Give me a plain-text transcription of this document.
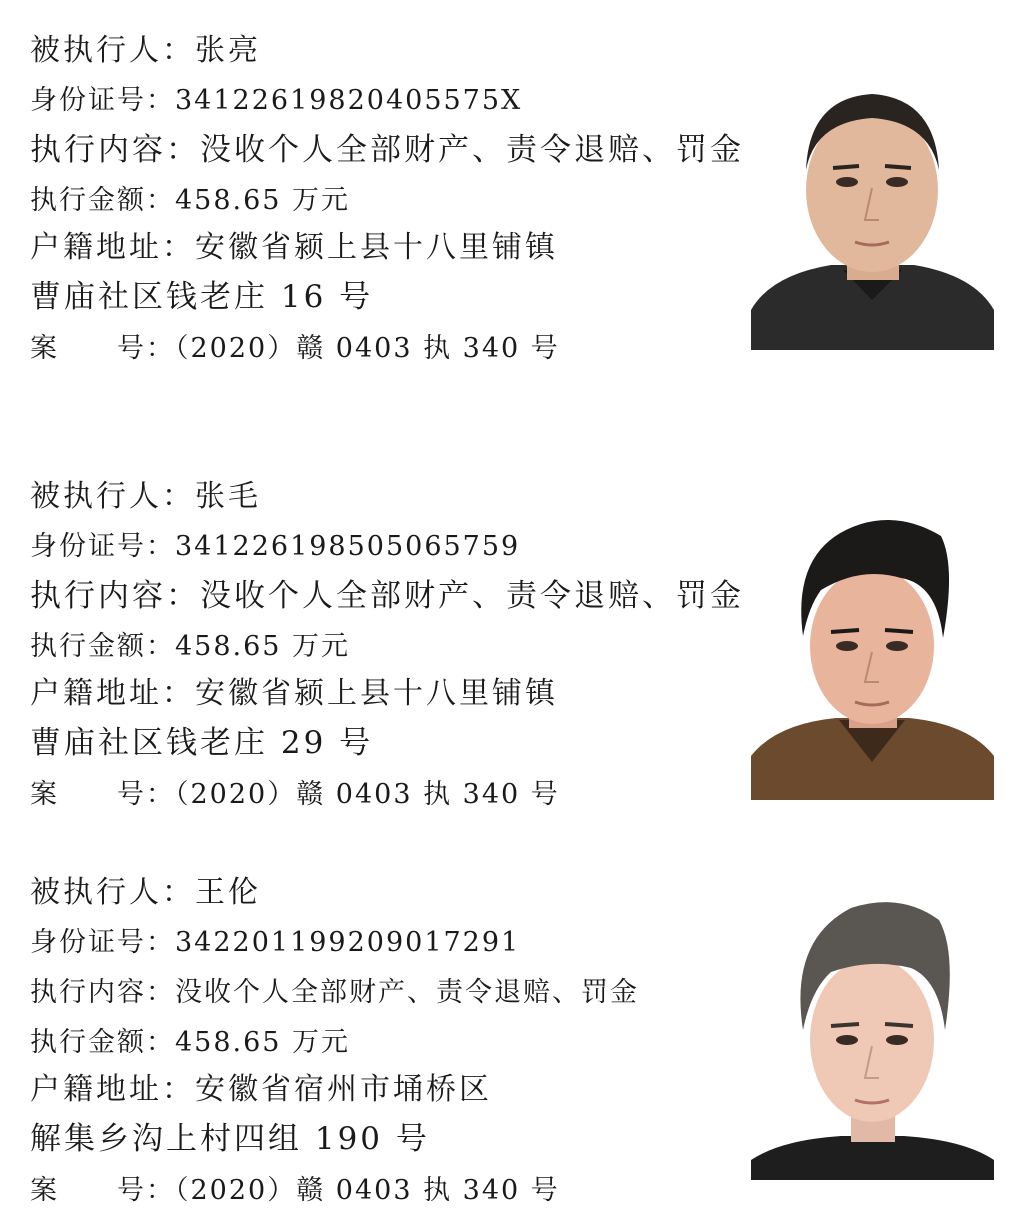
被执行人：张亮
身份证号：34122619820405575X
执行内容：没收个人全部财产、责令退赔、罚金
执行金额：458.65 万元
户籍地址：安徽省颍上县十八里铺镇
曹庙社区钱老庄 16 号
案 号：（2020）赣 0403 执 340 号
被执行人：张毛
身份证号：341226198505065759
执行内容：没收个人全部财产、责令退赔、罚金
执行金额：458.65 万元
户籍地址：安徽省颍上县十八里铺镇
曹庙社区钱老庄 29 号
案 号：（2020）赣 0403 执 340 号
被执行人：王伦
身份证号：342201199209017291
执行内容：没收个人全部财产、责令退赔、罚金
执行金额：458.65 万元
户籍地址：安徽省宿州市埇桥区
解集乡沟上村四组 190 号
案 号：（2020）赣 0403 执 340 号
